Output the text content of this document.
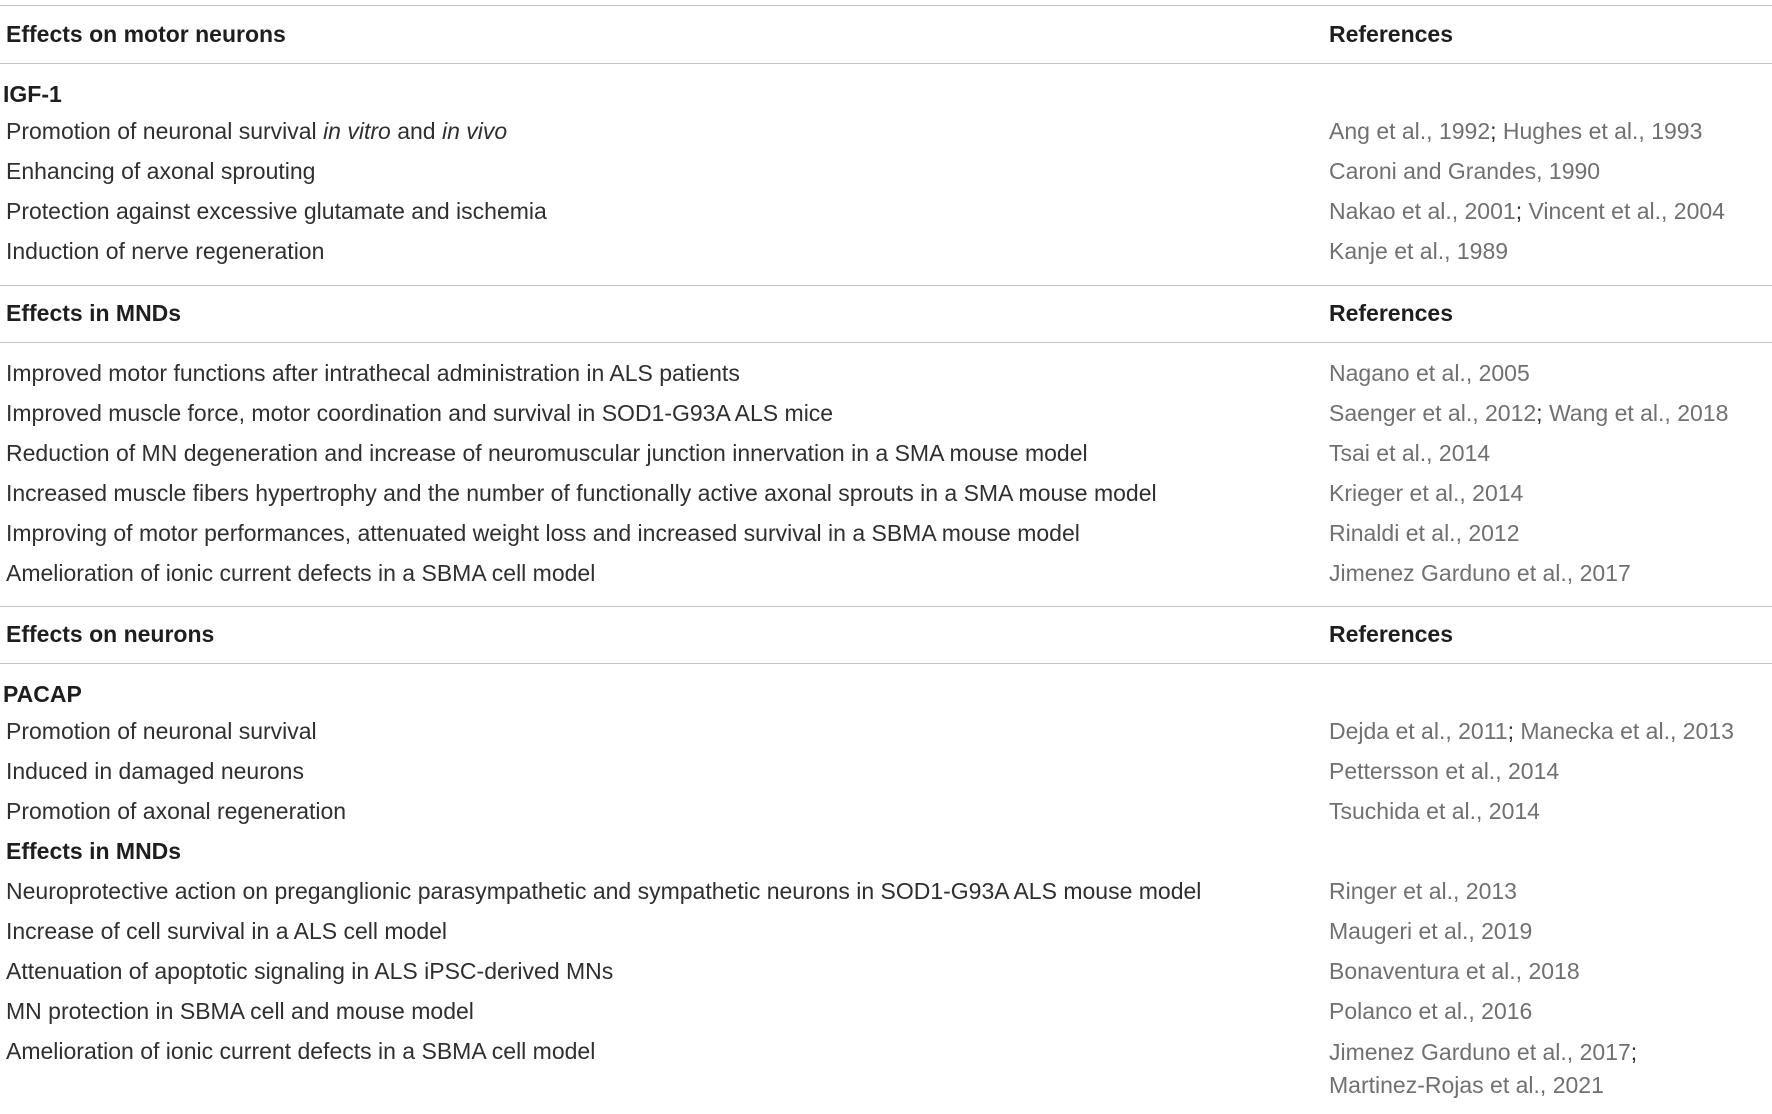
Effects on motor neurons	References
IGF-1
Promotion of neuronal survival in vitro and in vivo	Ang et al., 1992; Hughes et al., 1993
Enhancing of axonal sprouting	Caroni and Grandes, 1990
Protection against excessive glutamate and ischemia	Nakao et al., 2001; Vincent et al., 2004
Induction of nerve regeneration	Kanje et al., 1989
Effects in MNDs	References
Improved motor functions after intrathecal administration in ALS patients	Nagano et al., 2005
Improved muscle force, motor coordination and survival in SOD1-G93A ALS mice	Saenger et al., 2012; Wang et al., 2018
Reduction of MN degeneration and increase of neuromuscular junction innervation in a SMA mouse model	Tsai et al., 2014
Increased muscle fibers hypertrophy and the number of functionally active axonal sprouts in a SMA mouse model	Krieger et al., 2014
Improving of motor performances, attenuated weight loss and increased survival in a SBMA mouse model	Rinaldi et al., 2012
Amelioration of ionic current defects in a SBMA cell model	Jimenez Garduno et al., 2017
Effects on neurons	References
PACAP
Promotion of neuronal survival	Dejda et al., 2011; Manecka et al., 2013
Induced in damaged neurons	Pettersson et al., 2014
Promotion of axonal regeneration	Tsuchida et al., 2014
Effects in MNDs
Neuroprotective action on preganglionic parasympathetic and sympathetic neurons in SOD1-G93A ALS mouse model	Ringer et al., 2013
Increase of cell survival in a ALS cell model	Maugeri et al., 2019
Attenuation of apoptotic signaling in ALS iPSC-derived MNs	Bonaventura et al., 2018
MN protection in SBMA cell and mouse model	Polanco et al., 2016
Amelioration of ionic current defects in a SBMA cell model	Jimenez Garduno et al., 2017;
Martinez-Rojas et al., 2021
